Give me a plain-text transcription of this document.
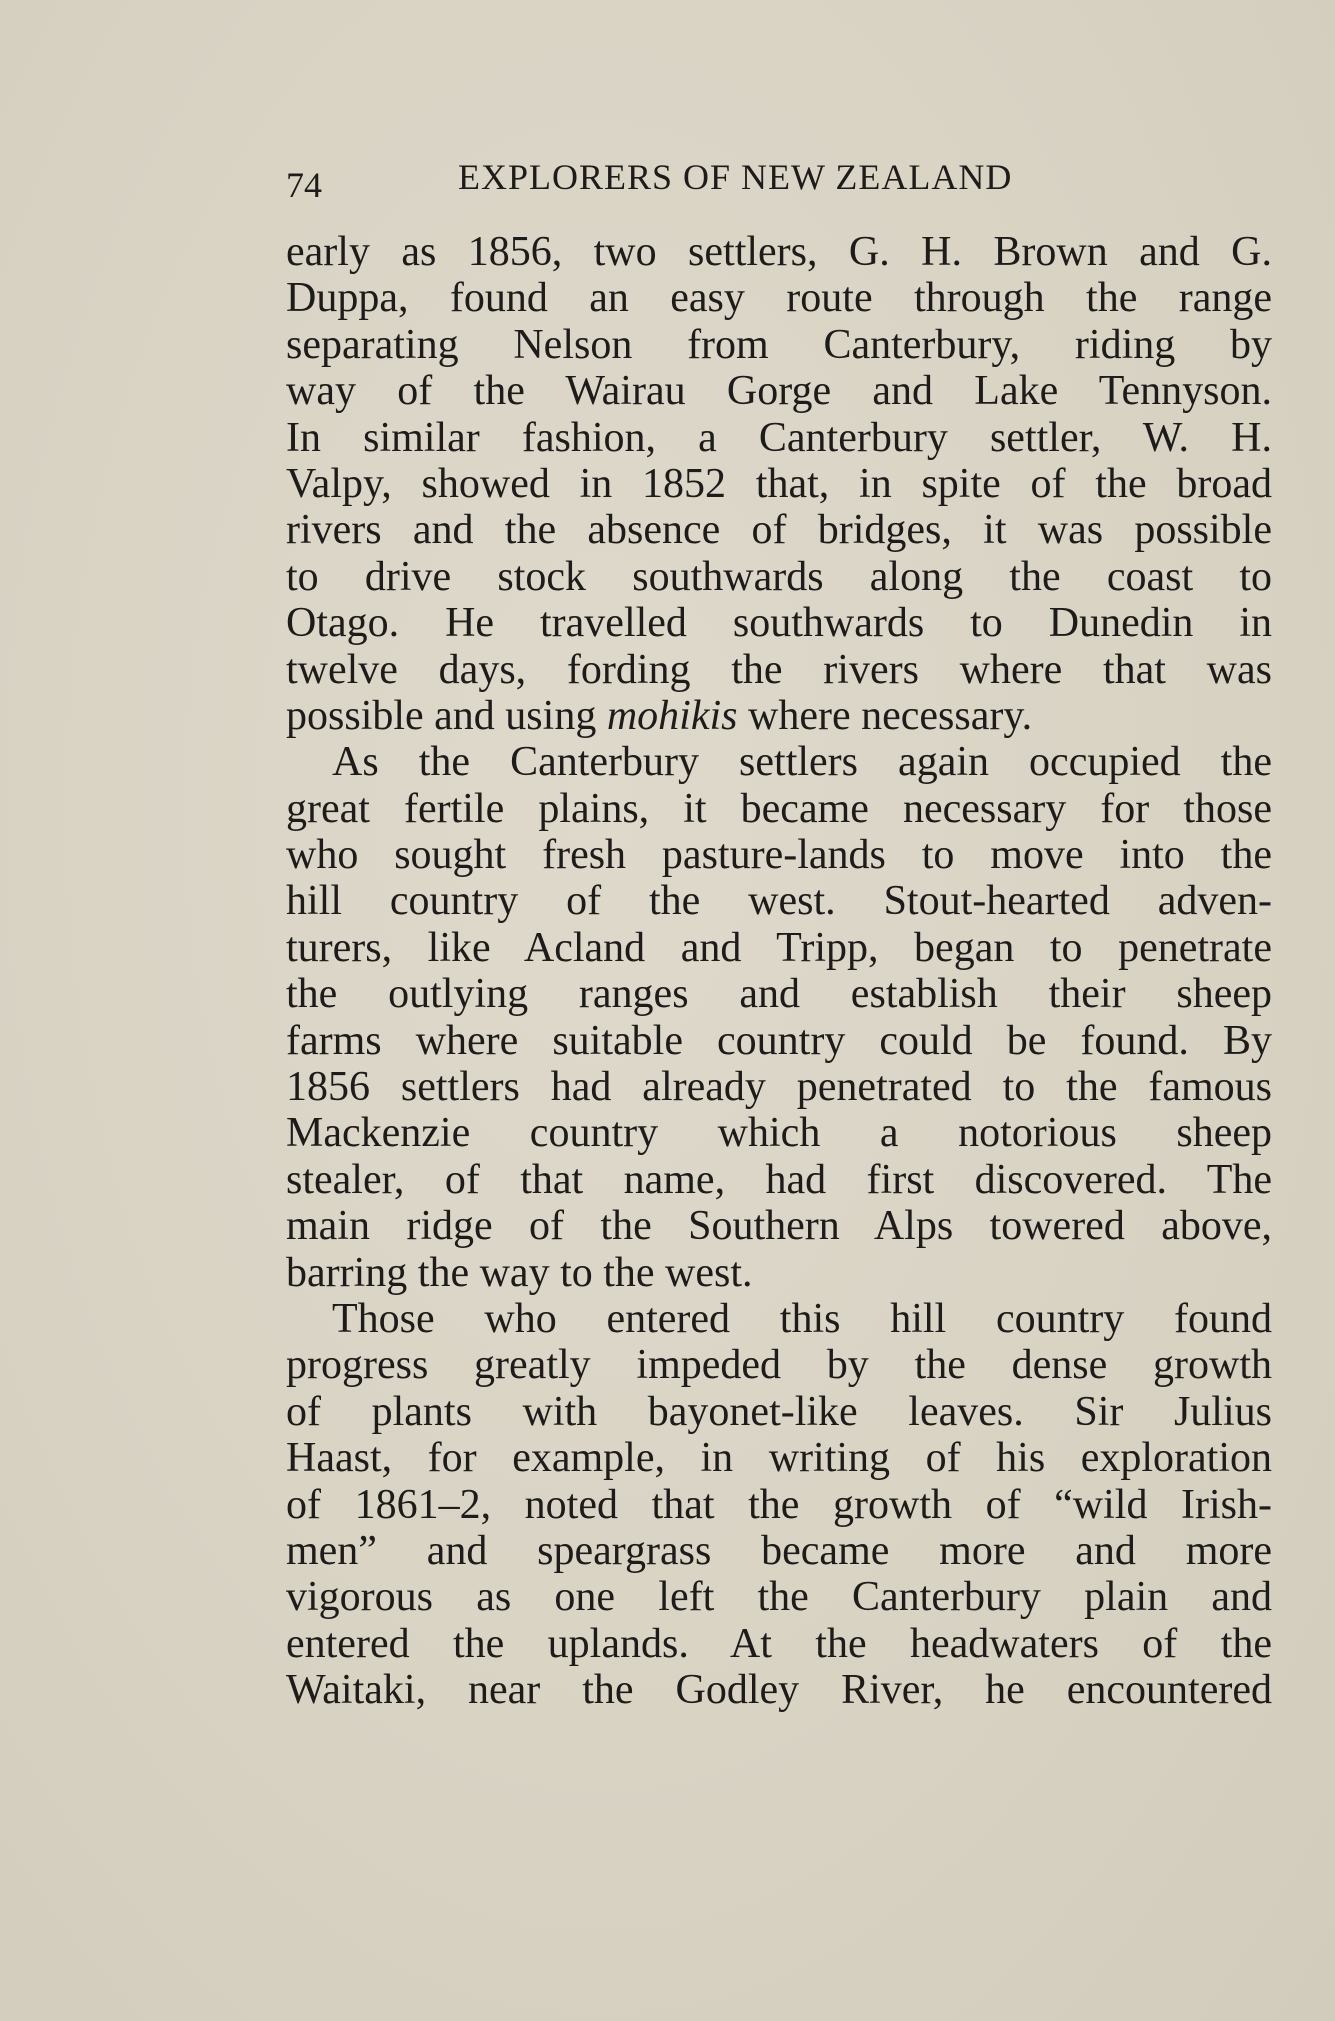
74	EXPLORERS OF NEW ZEALAND
early as 1856, two settlers, G. H. Brown and G.
Duppa, found an easy route through the range
separating Nelson from Canterbury, riding by
way of the Wairau Gorge and Lake Tennyson.
In similar fashion, a Canterbury settler, W. H.
Valpy, showed in 1852 that, in spite of the broad
rivers and the absence of bridges, it was possible
to drive stock southwards along the coast to
Otago. He travelled southwards to Dunedin in
twelve days, fording the rivers where that was
possible and using mohikis where necessary.
As the Canterbury settlers again occupied the
great fertile plains, it became necessary for those
who sought fresh pasture-lands to move into the
hill country of the west. Stout-hearted adven-
turers, like Acland and Tripp, began to penetrate
the outlying ranges and establish their sheep
farms where suitable country could be found. By
1856 settlers had already penetrated to the famous
Mackenzie country which a notorious sheep
stealer, of that name, had first discovered. The
main ridge of the Southern Alps towered above,
barring the way to the west.
Those who entered this hill country found
progress greatly impeded by the dense growth
of plants with bayonet-like leaves. Sir Julius
Haast, for example, in writing of his exploration
of 1861–2, noted that the growth of “wild Irish-
men” and speargrass became more and more
vigorous as one left the Canterbury plain and
entered the uplands. At the headwaters of the
Waitaki, near the Godley River, he encountered
